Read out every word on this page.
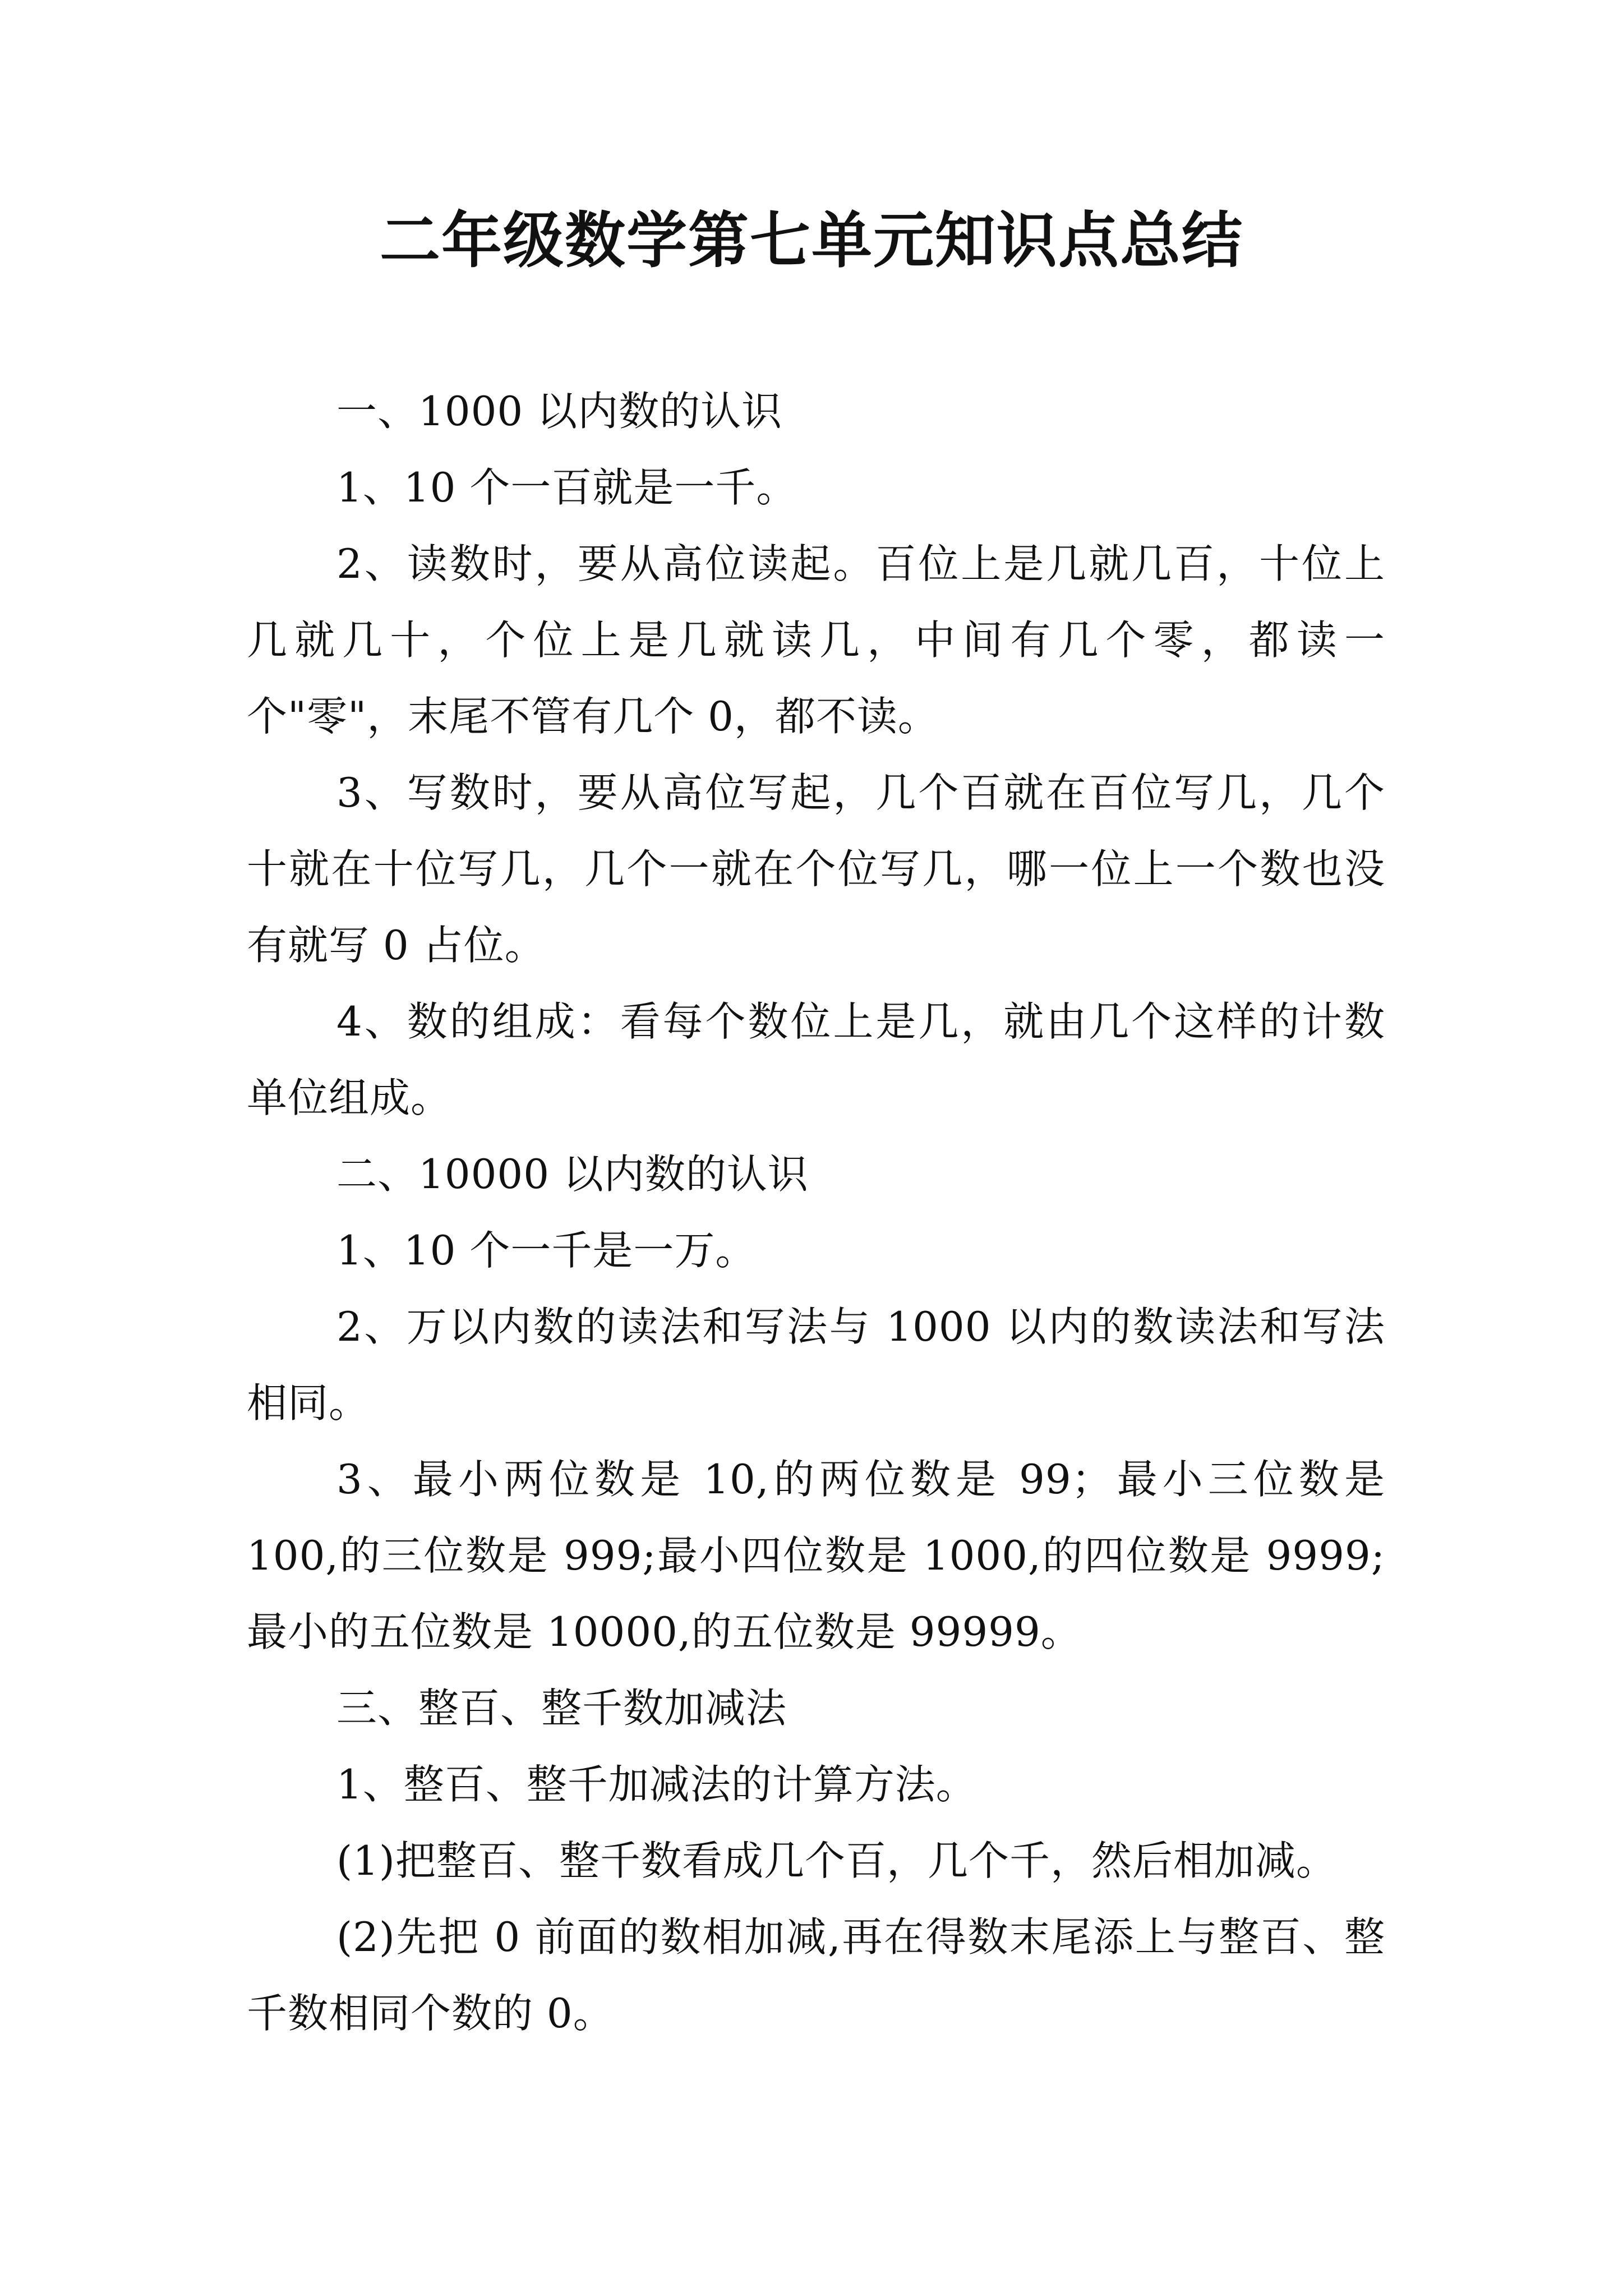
二年级数学第七单元知识点总结

一、1000 以内数的认识

1、10 个一百就是一千。

2、读数时，要从高位读起。百位上是几就几百，十位上几就几十，个位上是几就读几，中间有几个零，都读一个"零"，末尾不管有几个 0，都不读。

3、写数时，要从高位写起，几个百就在百位写几，几个十就在十位写几，几个一就在个位写几，哪一位上一个数也没有就写 0 占位。

4、数的组成：看每个数位上是几，就由几个这样的计数单位组成。

二、10000 以内数的认识

1、10 个一千是一万。

2、万以内数的读法和写法与 1000 以内的数读法和写法相同。

3、最小两位数是 10,的两位数是 99；最小三位数是 100,的三位数是 999;最小四位数是 1000,的四位数是 9999;最小的五位数是 10000,的五位数是 99999。

三、整百、整千数加减法

1、整百、整千加减法的计算方法。

(1)把整百、整千数看成几个百，几个千，然后相加减。

(2)先把 0 前面的数相加减,再在得数末尾添上与整百、整千数相同个数的 0。
